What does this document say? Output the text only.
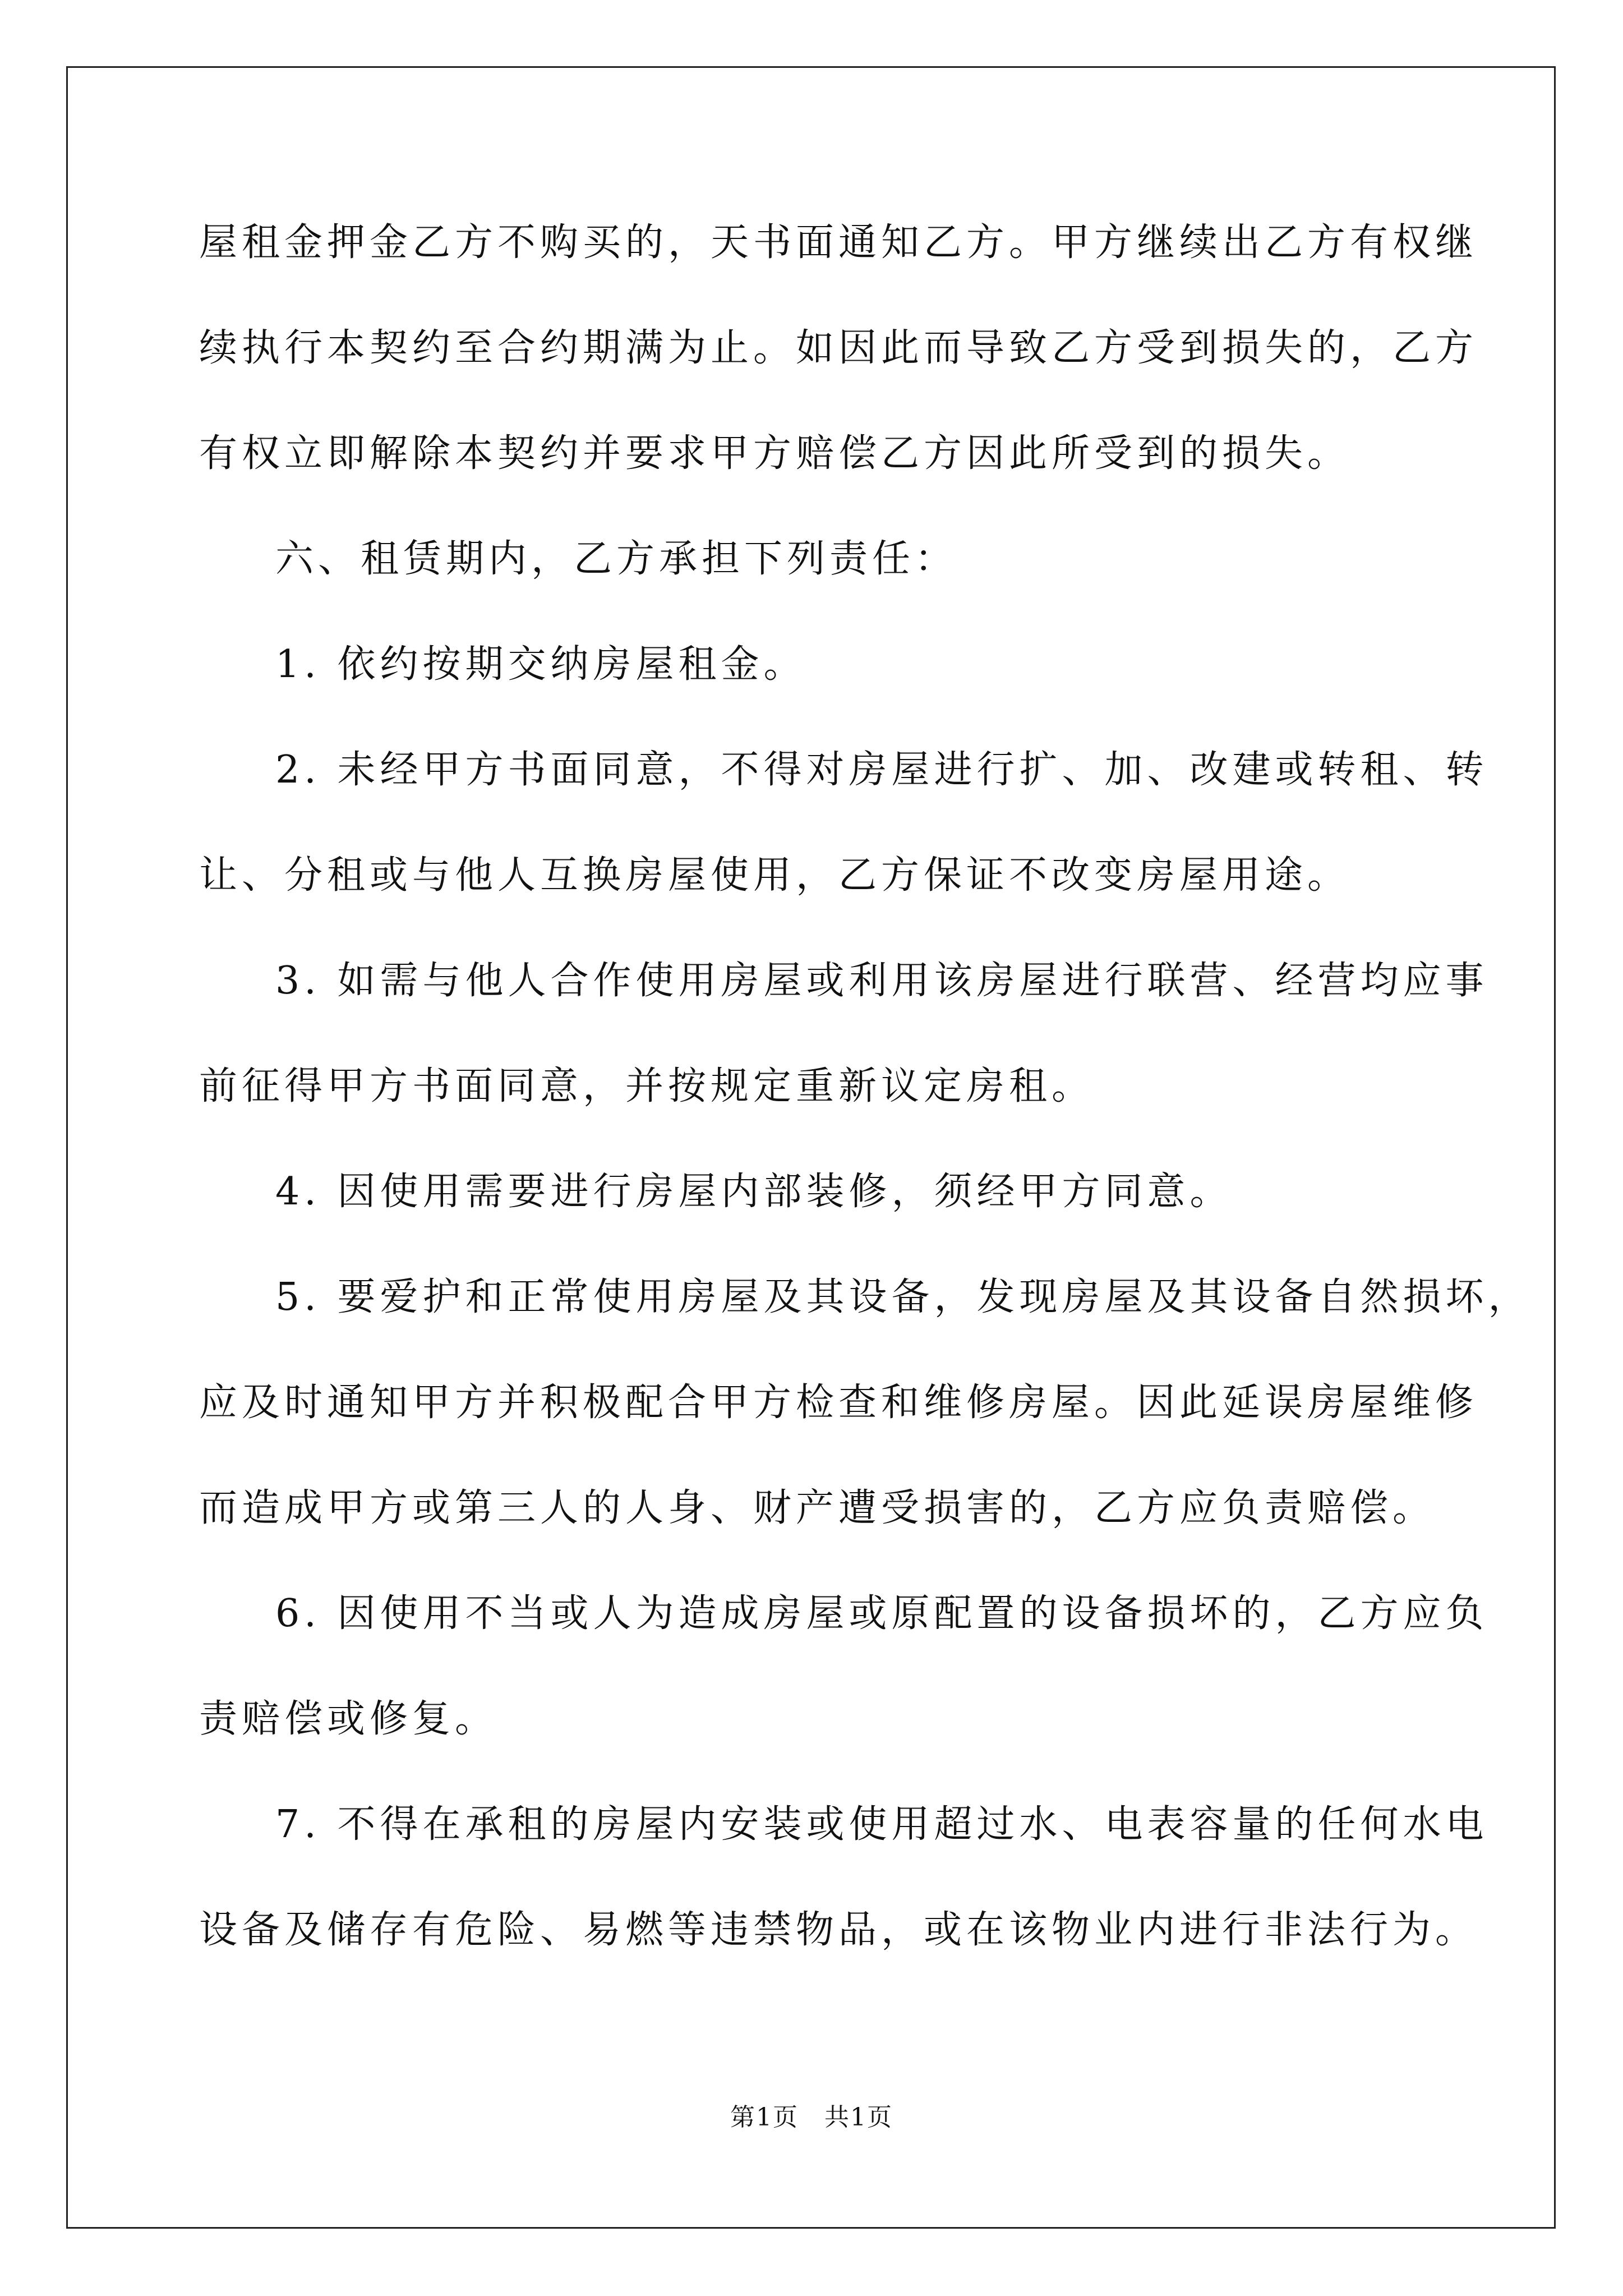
屋租金押金乙方不购买的，天书面通知乙方。甲方继续出乙方有权继
续执行本契约至合约期满为止。如因此而导致乙方受到损失的，乙方
有权立即解除本契约并要求甲方赔偿乙方因此所受到的损失。
六、租赁期内，乙方承担下列责任：
1. 依约按期交纳房屋租金。
2. 未经甲方书面同意，不得对房屋进行扩、加、改建或转租、转
让、分租或与他人互换房屋使用，乙方保证不改变房屋用途。
3. 如需与他人合作使用房屋或利用该房屋进行联营、经营均应事
前征得甲方书面同意，并按规定重新议定房租。
4. 因使用需要进行房屋内部装修，须经甲方同意。
5. 要爱护和正常使用房屋及其设备，发现房屋及其设备自然损坏，
应及时通知甲方并积极配合甲方检查和维修房屋。因此延误房屋维修
而造成甲方或第三人的人身、财产遭受损害的，乙方应负责赔偿。
6. 因使用不当或人为造成房屋或原配置的设备损坏的，乙方应负
责赔偿或修复。
7. 不得在承租的房屋内安装或使用超过水、电表容量的任何水电
设备及储存有危险、易燃等违禁物品，或在该物业内进行非法行为。
第1页　共1页
